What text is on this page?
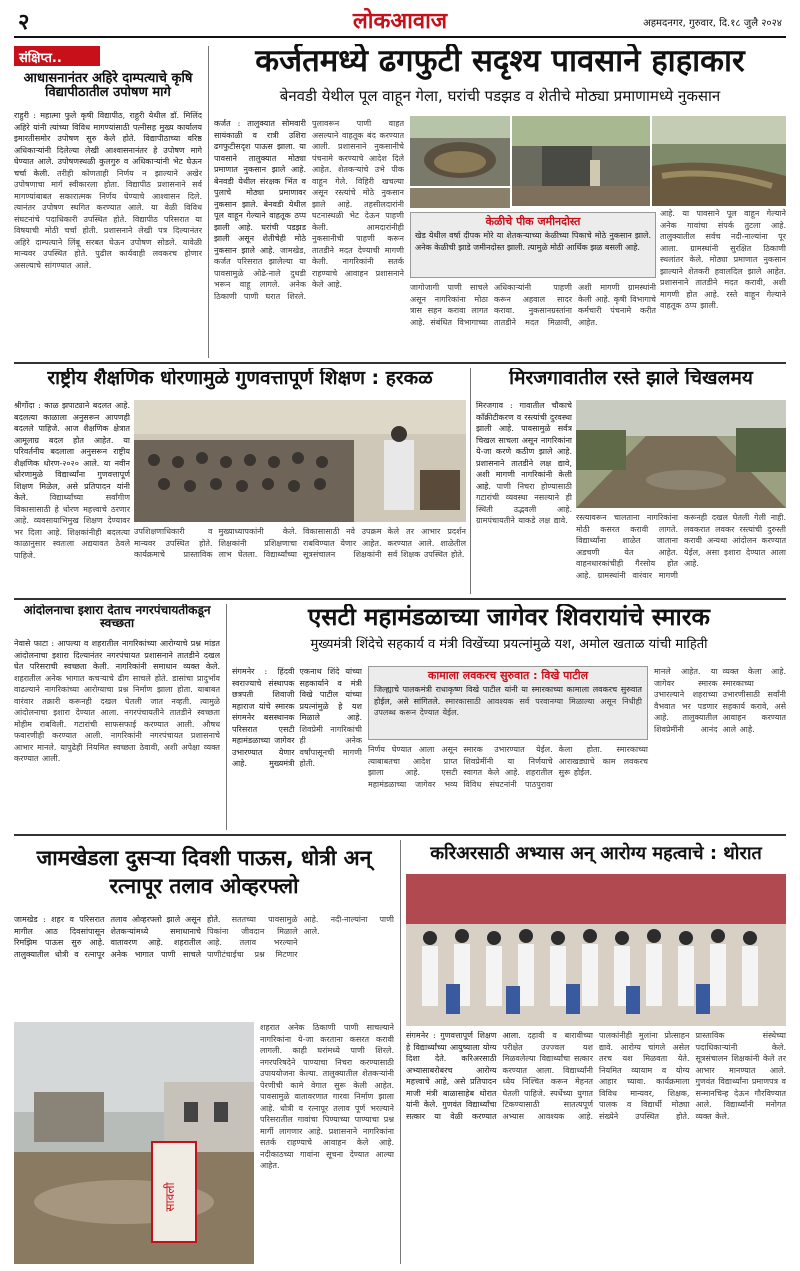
२	लोकआवाज	अहमदनगर, गुरुवार, दि.१८ जुलै २०२४
संक्षिप्त..
आधासनानंतर अहिरे दाम्पत्याचे कृषि विद्यापीठातील उपोषण मागे
राहुरी : महात्मा फुले कृषी विद्यापीठ, राहुरी येथील डॉ. मिलिंद अहिरे यांनी त्यांच्या विविध मागण्यांसाठी पत्नीसह मुख्य कार्यालय इमारतीसमोर उपोषण सुरु केले होते. विद्यापीठाच्या वरिष्ठ अधिकाऱ्यांनी दिलेल्या लेखी आश्वासनानंतर हे उपोषण मागे घेण्यात आले. उपोषणस्थळी कुलगुरु व अधिकाऱ्यांनी भेट घेऊन चर्चा केली. तरीही कोणताही निर्णय न झाल्याने अखेर उपोषणाचा मार्ग स्वीकारला होता. विद्यापीठ प्रशासनाने सर्व मागण्यांबाबत सकारात्मक निर्णय घेण्याचे आश्वासन दिले. त्यानंतर उपोषण स्थगित करण्यात आले. या वेळी विविध संघटनांचे पदाधिकारी उपस्थित होते. विद्यापीठ परिसरात या विषयाची मोठी चर्चा होती. प्रशासनाने लेखी पत्र दिल्यानंतर अहिरे दाम्पत्याने लिंबू सरबत घेऊन उपोषण सोडले. यावेळी मान्यवर उपस्थित होते. पुढील कार्यवाही लवकरच होणार असल्याचे सांगण्यात आले.
कर्जतमध्ये ढगफुटी सदृश्य पावसाने हाहाकार
बेनवडी येथील पूल वाहून गेला, घरांची पडझड व शेतीचे मोठ्या प्रमाणामध्ये नुकसान
कर्जत : तालुक्यात सोमवारी सायंकाळी व रात्री उशिरा ढगफुटीसदृश पाऊस झाला. या पावसाने तालुक्यात मोठ्या प्रमाणात नुकसान झाले आहे. बेनवडी येथील संरक्षक भिंत व पुलाचे मोठ्या प्रमाणावर नुकसान झाले. बेनवडी येथील पूल वाहून गेल्याने वाहतूक ठप्प झाली आहे. घरांची पडझड झाली असून शेतीचेही मोठे नुकसान झाले आहे. जामखेड, कर्जत परिसरात झालेल्या या पावसामुळे ओढे-नाले दुथडी भरून वाहू लागले. अनेक ठिकाणी पाणी घरात शिरले. पुलावरून पाणी वाहत असल्याने वाहतूक बंद करण्यात आली. प्रशासनाने नुकसानीचे पंचनामे करण्याचे आदेश दिले आहेत. शेतकऱ्यांचे उभे पीक वाहून गेले. विहिरी खचल्या असून रस्त्यांचे मोठे नुकसान झाले आहे. तहसीलदारांनी घटनास्थळी भेट देऊन पाहणी केली. आमदारांनीही नुकसानीची पाहणी करून तातडीने मदत देण्याची मागणी केली. नागरिकांनी सतर्क राहण्याचे आवाहन प्रशासनाने केले आहे.
केळीचे पीक जमीनदोस्त
खेड येथील वर्षा दीपक मोरे या शेतकऱ्याच्या केळीच्या पिकाचे मोठे नुकसान झाले. अनेक केळीची झाडे जमीनदोस्त झाली. त्यामुळे मोठी आर्थिक झळ बसली आहे.
जागोजागी पाणी साचले असून नागरिकांना मोठा त्रास सहन करावा लागत आहे. संबंधित विभागाच्या अधिकाऱ्यांनी पाहणी करून अहवाल सादर करावा. नुकसानग्रस्तांना तातडीने मदत मिळावी, अशी मागणी ग्रामस्थांनी केली आहे. कृषी विभागाचे कर्मचारी पंचनामे करीत आहेत.
आहे. या पावसाने पूल वाहून गेल्याने अनेक गावांचा संपर्क तुटला आहे. तालुक्यातील सर्वच नदी-नाल्यांना पूर आला. ग्रामस्थांनी सुरक्षित ठिकाणी स्थलांतर केले. मोठ्या प्रमाणात नुकसान झाल्याने शेतकरी हवालदिल झाले आहेत. प्रशासनाने तातडीने मदत करावी, अशी मागणी होत आहे. रस्ते वाहून गेल्याने वाहतूक ठप्प झाली.
राष्ट्रीय शैक्षणिक धोरणामुळे गुणवत्तापूर्ण शिक्षण : हरकळ
श्रीगोंदा : काळ झपाट्याने बदलत आहे. बदलत्या काळाला अनुसरून आपणही बदलले पाहिजे. आज शैक्षणिक क्षेत्रात आमूलाग्र बदल होत आहेत. या परिवर्तनीय बदलाला अनुसरून राष्ट्रीय शैक्षणिक धोरण-२०२० आले. या नवीन धोरणामुळे विद्यार्थ्यांना गुणवत्तापूर्ण शिक्षण मिळेल, असे प्रतिपादन यांनी केले.	विद्यार्थ्यांच्या सर्वांगीण विकासासाठी हे धोरण महत्त्वाचे ठरणार आहे. व्यवसायाभिमुख शिक्षण देण्यावर भर दिला आहे. शिक्षकांनीही बदलत्या काळानुसार स्वतःला अद्ययावत ठेवले पाहिजे.
उपशिक्षणाधिकारी व मान्यवर उपस्थित होते. कार्यक्रमाचे प्रास्ताविक मुख्याध्यापकांनी केले. शिक्षकांनी प्रशिक्षणाचा लाभ घेतला. विद्यार्थ्यांच्या विकासासाठी नवे उपक्रम राबविण्यात येणार आहेत. सूत्रसंचालन शिक्षकांनी केले तर आभार प्रदर्शन करण्यात आले. शाळेतील सर्व शिक्षक उपस्थित होते.
मिरजगावातील रस्ते झाले चिखलमय
मिरजगाव : गावातील चौकाचे काँक्रीटीकरण व रस्त्यांची दुरवस्था झाली आहे. पावसामुळे सर्वत्र चिखल साचला असून नागरिकांना ये-जा करणे कठीण झाले आहे. प्रशासनाने तातडीने लक्ष द्यावे, अशी मागणी नागरिकांनी केली आहे. पाणी निचरा होण्यासाठी गटारांची व्यवस्था नसल्याने ही स्थिती उद्भवली आहे. ग्रामपंचायतीने याकडे लक्ष द्यावे.	रस्त्यावरून चालताना नागरिकांना मोठी कसरत करावी लागते. विद्यार्थ्यांना शाळेत जाताना अडचणी येत आहेत. वाहनधारकांचीही गैरसोय होत आहे. ग्रामस्थांनी वारंवार मागणी करूनही दखल घेतली गेली नाही. लवकरात लवकर रस्त्यांची दुरुस्ती करावी अन्यथा आंदोलन करण्यात येईल, असा इशारा देण्यात आला आहे.
आंदोलनाचा इशारा देताच नगरपंचायतीकडून स्वच्छता
नेवासे फाटा : आपल्या व शहरातील नागरिकांच्या आरोग्याचे प्रश्न मांडत आंदोलनाचा इशारा दिल्यानंतर नगरपंचायत प्रशासनाने तातडीने दखल घेत परिसराची स्वच्छता केली. नागरिकांनी समाधान व्यक्त केले. शहरातील अनेक भागात कचऱ्याचे ढीग साचले होते. डासांचा प्रादुर्भाव वाढल्याने नागरिकांच्या आरोग्याचा प्रश्न निर्माण झाला होता. याबाबत वारंवार तक्रारी करूनही दखल घेतली जात नव्हती. त्यामुळे आंदोलनाचा इशारा देण्यात आला. नगरपंचायतीने तातडीने स्वच्छता मोहीम राबविली. गटारांची साफसफाई करण्यात आली. औषध फवारणीही करण्यात आली. नागरिकांनी नगरपंचायत प्रशासनाचे आभार मानले. यापुढेही नियमित स्वच्छता ठेवावी, अशी अपेक्षा व्यक्त करण्यात आली.
एसटी महामंडळाच्या जागेवर शिवरायांचे स्मारक
मुख्यमंत्री शिंदेचे सहकार्य व मंत्री विखेंच्या प्रयत्नांमुळे यश, अमोल खताळ यांची माहिती
संगमनेर : हिंदवी स्वराज्याचे संस्थापक छत्रपती शिवाजी महाराज यांचे स्मारक संगमनेर बसस्थानक परिसरात एसटी महामंडळाच्या जागेवर उभारण्यात येणार आहे. मुख्यमंत्री एकनाथ शिंदे यांच्या सहकार्याने व मंत्री विखे पाटील यांच्या प्रयत्नांमुळे हे यश मिळाले आहे. शिवप्रेमी नागरिकांची ही अनेक वर्षांपासूनची मागणी होती.
कामाला लवकरच सुरुवात : विखे पाटील
जिल्ह्याचे पालकमंत्री राधाकृष्ण विखे पाटील यांनी या स्मारकाच्या कामाला लवकरच सुरुवात होईल, असे सांगितले. स्मारकासाठी आवश्यक सर्व परवानग्या मिळाल्या असून निधीही उपलब्ध करून देण्यात येईल.
निर्णय घेण्यात आला असून त्याबाबतचा आदेश प्राप्त झाला आहे. एसटी महामंडळाच्या जागेवर भव्य स्मारक उभारण्यात येईल. शिवप्रेमींनी या निर्णयाचे स्वागत केले आहे. शहरातील विविध संघटनांनी पाठपुरावा केला होता. स्मारकाच्या आराखड्याचे काम लवकरच सुरू होईल.
मानले आहेत. या जागेवर स्मारक उभारल्याने शहराच्या वैभवात भर पडणार आहे. तालुक्यातील शिवप्रेमींनी आनंद व्यक्त केला आहे. स्मारकाच्या उभारणीसाठी सर्वांनी सहकार्य करावे, असे आवाहन करण्यात आले आहे.
जामखेडला दुसऱ्या दिवशी पाऊस, धोत्री अन् रत्नापूर तलाव ओव्हरफ्लो
जामखेड : शहर व परिसरात मागील आठ दिवसांपासून रिमझिम पाऊस सुरु आहे. तालुक्यातील धोत्री व रत्नापूर तलाव ओव्हरफ्लो झाले असून शेतकऱ्यांमध्ये समाधानाचे वातावरण आहे. शहरातील अनेक भागात पाणी साचले होते. सततच्या पावसामुळे पिकांना जीवदान मिळाले आहे. तलाव भरल्याने पाणीटंचाईचा प्रश्न मिटणार आहे. नदी-नाल्यांना पाणी आले.
सावली
शहरात अनेक ठिकाणी पाणी साचल्याने नागरिकांना ये-जा करताना कसरत करावी लागली. काही घरांमध्ये पाणी शिरले. नगरपरिषदेने पाण्याचा निचरा करण्यासाठी उपाययोजना केल्या. तालुक्यातील शेतकऱ्यांनी पेरणीची कामे वेगात सुरू केली आहेत. पावसामुळे वातावरणात गारवा निर्माण झाला आहे. धोत्री व रत्नापूर तलाव पूर्ण भरल्याने परिसरातील गावांचा पिण्याच्या पाण्याचा प्रश्न मार्गी लागणार आहे. प्रशासनाने नागरिकांना सतर्क राहण्याचे आवाहन केले आहे. नदीकाठच्या गावांना सूचना देण्यात आल्या आहेत.
करिअरसाठी अभ्यास अन् आरोग्य महत्वाचे : थोरात
संगमनेर : गुणवत्तापूर्ण शिक्षण हे विद्यार्थ्यांच्या आयुष्याला योग्य दिशा देते. करिअरसाठी अभ्यासाबरोबरच आरोग्य महत्त्वाचे आहे, असे प्रतिपादन माजी मंत्री बाळासाहेब थोरात यांनी केले. गुणवंत विद्यार्थ्यांचा सत्कार या वेळी करण्यात आला. दहावी व बारावीच्या परीक्षेत उज्ज्वल यश मिळवलेल्या विद्यार्थ्यांचा सत्कार करण्यात आला. विद्यार्थ्यांनी ध्येय निश्चित करून मेहनत घेतली पाहिजे. स्पर्धेच्या युगात टिकण्यासाठी सातत्यपूर्ण अभ्यास आवश्यक आहे. पालकांनीही मुलांना प्रोत्साहन द्यावे. आरोग्य चांगले असेल तरच यश मिळवता येते. नियमित व्यायाम व योग्य आहार घ्यावा. कार्यक्रमाला विविध मान्यवर, शिक्षक, पालक व विद्यार्थी मोठ्या संख्येने उपस्थित होते. प्रास्ताविक संस्थेच्या पदाधिकाऱ्यांनी केले. सूत्रसंचालन शिक्षकांनी केले तर आभार मानण्यात आले. गुणवंत विद्यार्थ्यांना प्रमाणपत्र व सन्मानचिन्ह देऊन गौरविण्यात आले. विद्यार्थ्यांनी मनोगत व्यक्त केले.
